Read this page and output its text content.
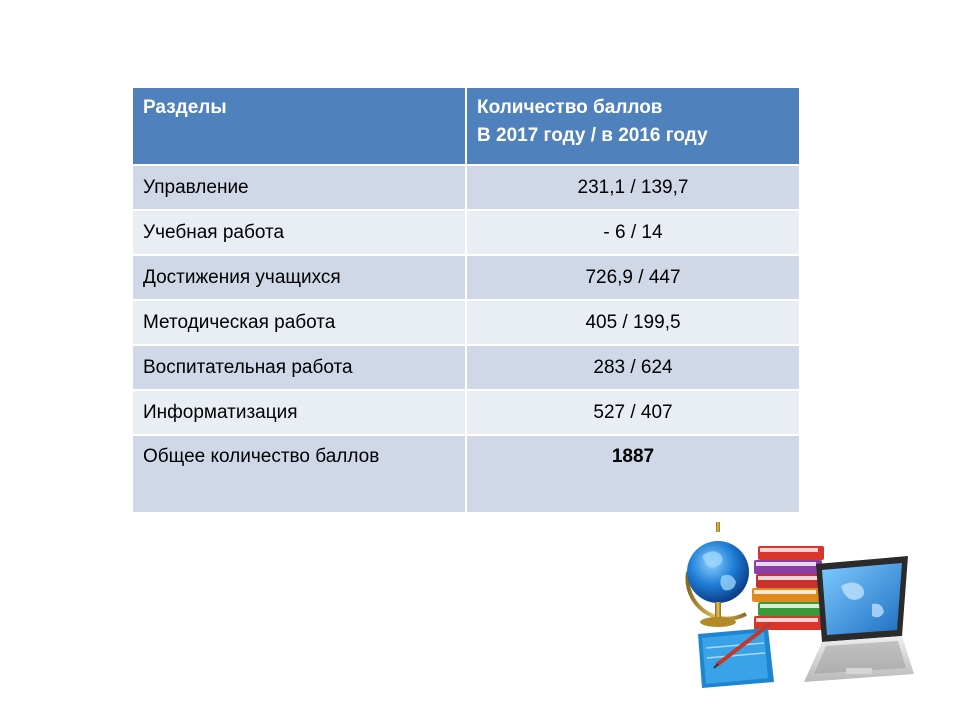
Разделы	Количество баллов
В 2017 году / в 2016 году

Управление	231,1 / 139,7
Учебная работа	- 6 / 14
Достижения учащихся	726,9 / 447
Методическая работа	405 / 199,5
Воспитательная работа	283 / 624
Информатизация	527 / 407
Общее количество баллов	1887
